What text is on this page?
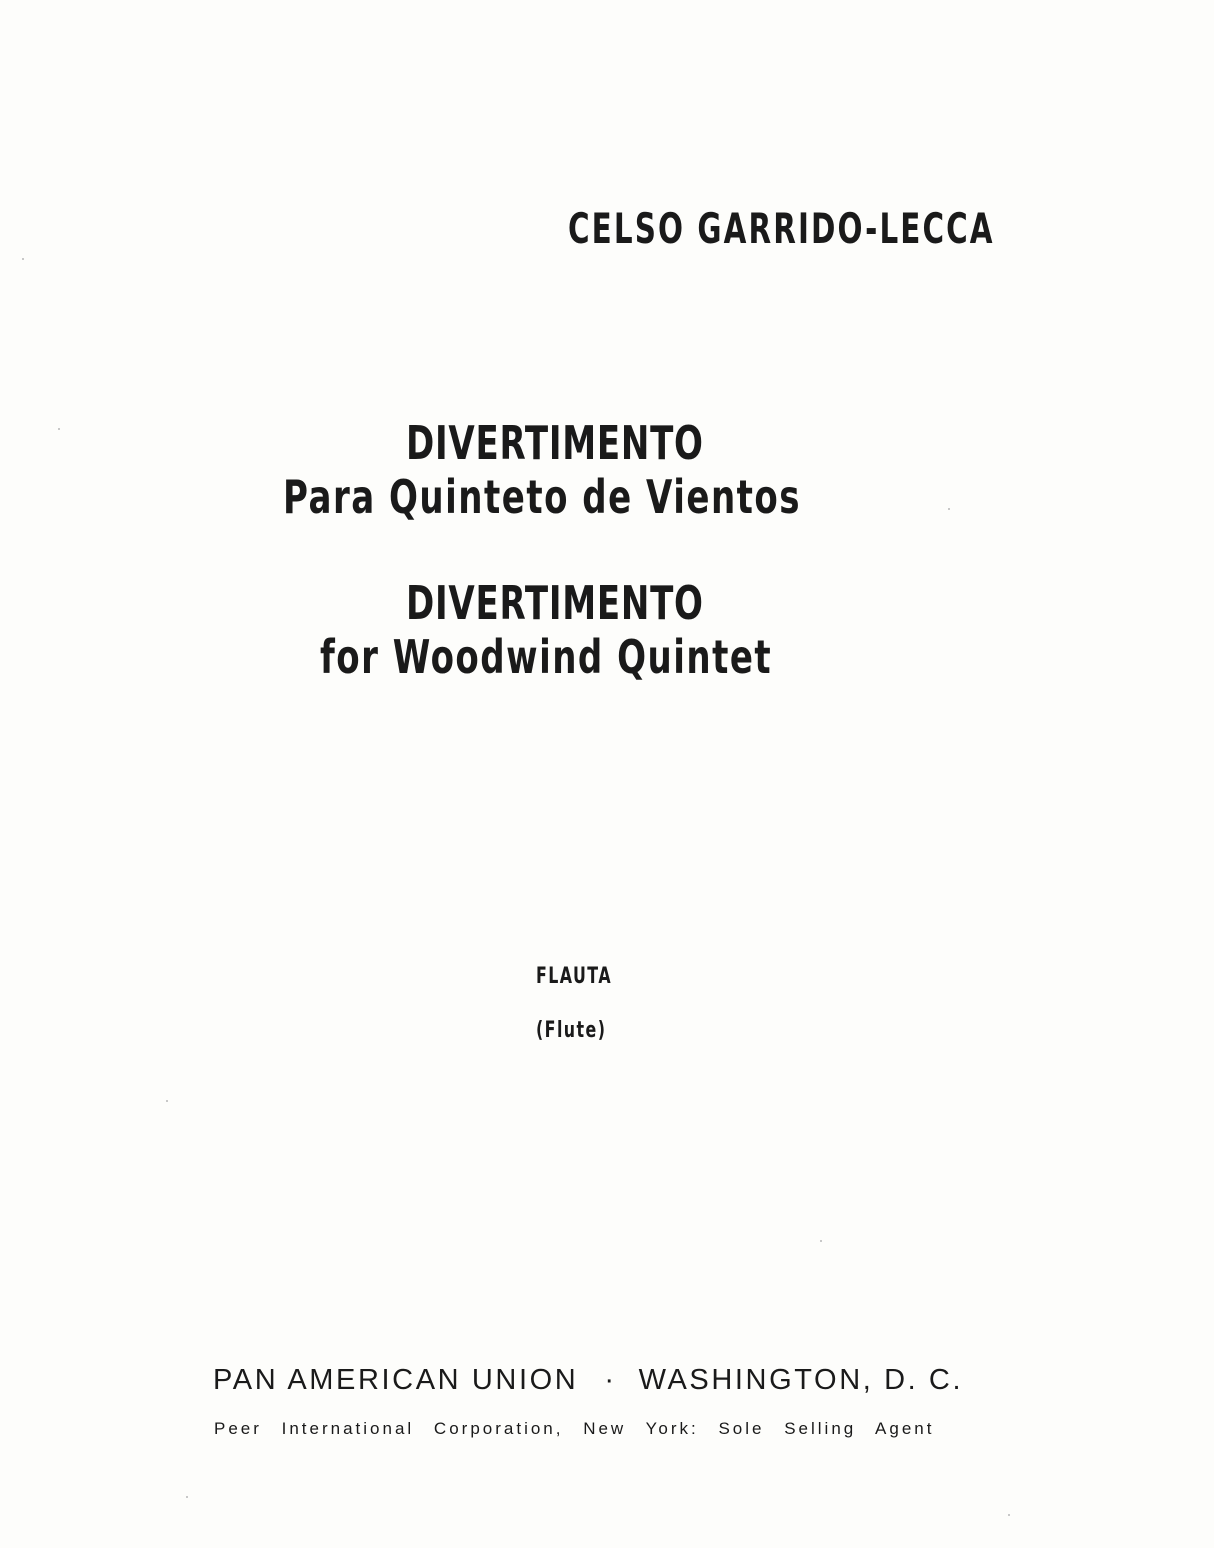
CELSO GARRIDO-LECCA
DIVERTIMENTO
Para Quinteto de Vientos
DIVERTIMENTO
for Woodwind Quintet
FLAUTA
(Flute)
PAN AMERICAN UNION · WASHINGTON, D. C.
Peer International Corporation, New York: Sole Selling Agent
